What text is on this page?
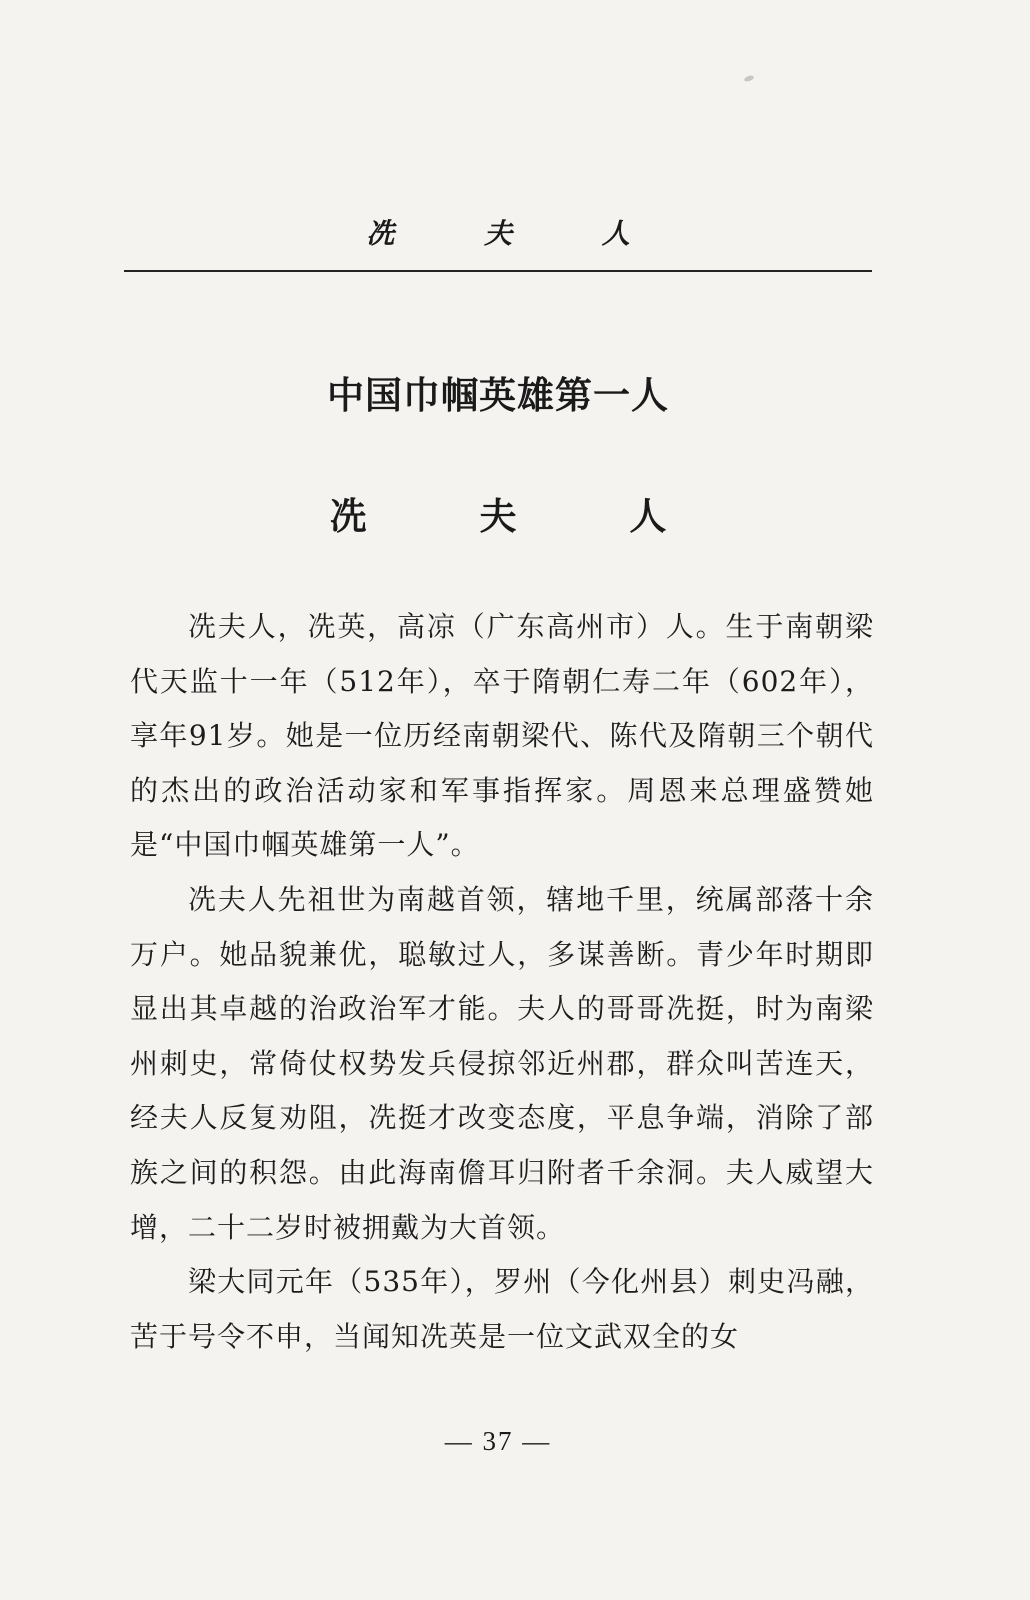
冼 夫 人
中国巾帼英雄第一人
冼 夫 人

冼夫人，冼英，高凉（广东高州市）人。生于南朝梁代天监十一年（512年），卒于隋朝仁寿二年（602年），享年91岁。她是一位历经南朝梁代、陈代及隋朝三个朝代的杰出的政治活动家和军事指挥家。周恩来总理盛赞她是“中国巾帼英雄第一人”。

冼夫人先祖世为南越首领，辖地千里，统属部落十余万户。她品貌兼优，聪敏过人，多谋善断。青少年时期即显出其卓越的治政治军才能。夫人的哥哥冼挺，时为南梁州刺史，常倚仗权势发兵侵掠邻近州郡，群众叫苦连天，经夫人反复劝阻，冼挺才改变态度，平息争端，消除了部族之间的积怨。由此海南儋耳归附者千余洞。夫人威望大增，二十二岁时被拥戴为大首领。

梁大同元年（535年），罗州（今化州县）刺史冯融，苦于号令不申，当闻知冼英是一位文武双全的女

— 37 —
